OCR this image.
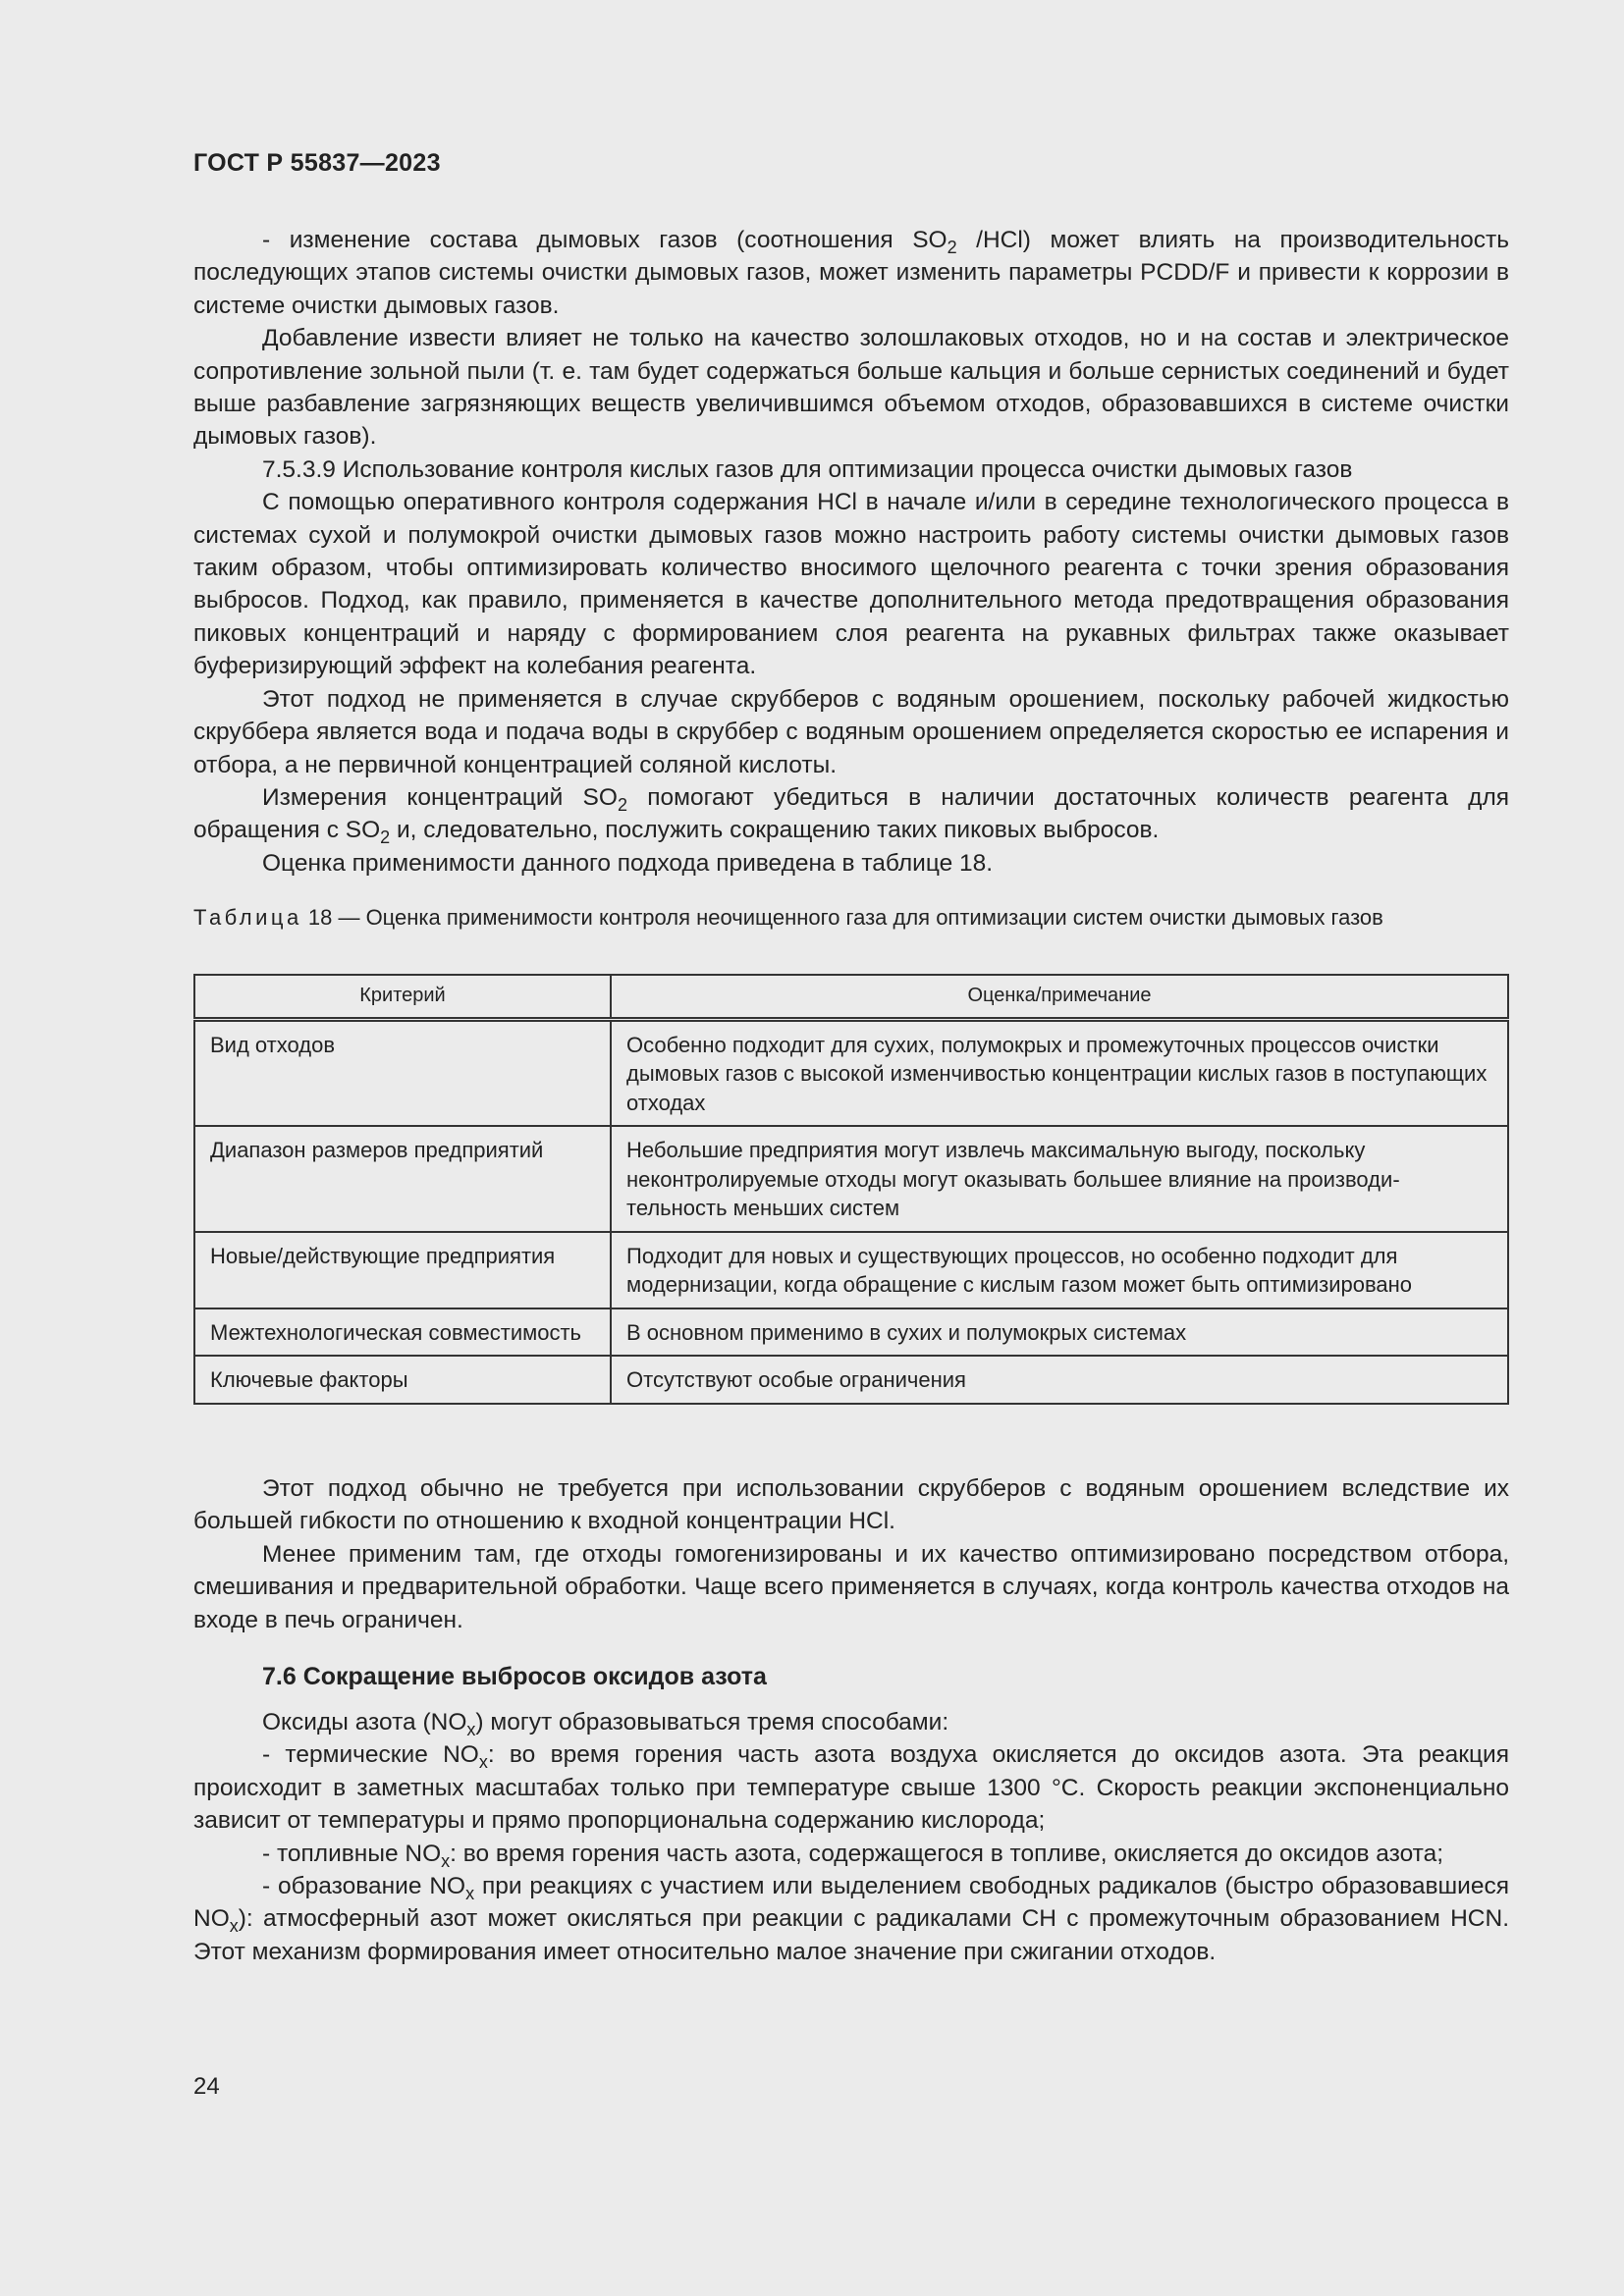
ГОСТ Р 55837—2023

- изменение состава дымовых газов (соотношения $SO_2$ /HCl) может влиять на производительность последующих этапов системы очистки дымовых газов, может изменить параметры PCDD/F и привести к коррозии в системе очистки дымовых газов.

Добавление извести влияет не только на качество золошлаковых отходов, но и на состав и электрическое сопротивление зольной пыли (т. е. там будет содержаться больше кальция и больше сернистых соединений и будет выше разбавление загрязняющих веществ увеличившимся объемом отходов, образовавшихся в системе очистки дымовых газов).

7.5.3.9 Использование контроля кислых газов для оптимизации процесса очистки дымовых газов

С помощью оперативного контроля содержания HCl в начале и/или в середине технологического процесса в системах сухой и полумокрой очистки дымовых газов можно настроить работу системы очистки дымовых газов таким образом, чтобы оптимизировать количество вносимого щелочного реагента с точки зрения образования выбросов. Подход, как правило, применяется в качестве дополнительного метода предотвращения образования пиковых концентраций и наряду с формированием слоя реагента на рукавных фильтрах также оказывает буферизирующий эффект на колебания реагента.

Этот подход не применяется в случае скрубберов с водяным орошением, поскольку рабочей жидкостью скруббера является вода и подача воды в скруббер с водяным орошением определяется скоростью ее испарения и отбора, а не первичной концентрацией соляной кислоты.

Измерения концентраций $SO_2$ помогают убедиться в наличии достаточных количеств реагента для обращения с $SO_2$ и, следовательно, послужить сокращению таких пиковых выбросов.

Оценка применимости данного подхода приведена в таблице 18.

Таблица 18 — Оценка применимости контроля неочищенного газа для оптимизации систем очистки дымовых газов

Критерий	Оценка/примечание
Вид отходов	Особенно подходит для сухих, полумокрых и промежуточных процессов очистки дымовых газов с высокой изменчивостью концентрации кислых газов в поступающих отходах
Диапазон размеров предприятий	Небольшие предприятия могут извлечь максимальную выгоду, поскольку неконтролируемые отходы могут оказывать большее влияние на производительность меньших систем
Новые/действующие предприятия	Подходит для новых и существующих процессов, но особенно подходит для модернизации, когда обращение с кислым газом может быть оптимизировано
Межтехнологическая совместимость	В основном применимо в сухих и полумокрых системах
Ключевые факторы	Отсутствуют особые ограничения

Этот подход обычно не требуется при использовании скрубберов с водяным орошением вследствие их большей гибкости по отношению к входной концентрации HCl.

Менее применим там, где отходы гомогенизированы и их качество оптимизировано посредством отбора, смешивания и предварительной обработки. Чаще всего применяется в случаях, когда контроль качества отходов на входе в печь ограничен.

7.6 Сокращение выбросов оксидов азота

Оксиды азота $(NO_x)$ могут образовываться тремя способами:

- термические $NO_x$: во время горения часть азота воздуха окисляется до оксидов азота. Эта реакция происходит в заметных масштабах только при температуре свыше 1300 °С. Скорость реакции экспоненциально зависит от температуры и прямо пропорциональна содержанию кислорода;

- топливные $NO_x$: во время горения часть азота, содержащегося в топливе, окисляется до оксидов азота;

- образование $NO_x$ при реакциях с участием или выделением свободных радикалов (быстро образовавшиеся $NO_x$): атмосферный азот может окисляться при реакции с радикалами CH с промежуточным образованием HCN. Этот механизм формирования имеет относительно малое значение при сжигании отходов.

24
